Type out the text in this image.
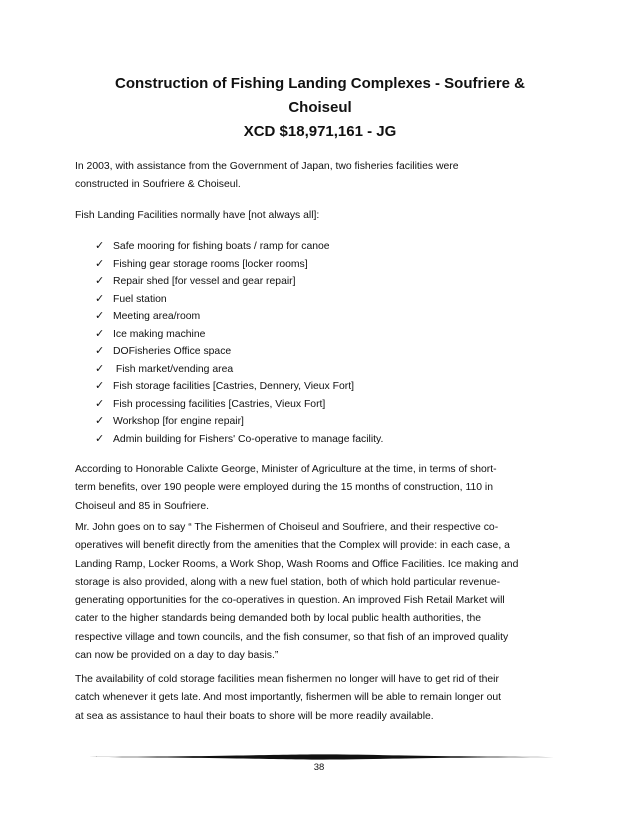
Construction of Fishing Landing Complexes - Soufriere &
Choiseul
XCD $18,971,161 - JG
In 2003, with assistance from the Government of Japan, two fisheries facilities were
constructed in Soufriere & Choiseul.
Fish Landing Facilities normally have [not always all]:
✓ Safe mooring for fishing boats / ramp for canoe
✓ Fishing gear storage rooms [locker rooms]
✓ Repair shed [for vessel and gear repair]
✓ Fuel station
✓ Meeting area/room
✓ Ice making machine
✓ DOFisheries Office space
✓ Fish market/vending area
✓ Fish storage facilities [Castries, Dennery, Vieux Fort]
✓ Fish processing facilities [Castries, Vieux Fort]
✓ Workshop [for engine repair]
✓ Admin building for Fishers' Co-operative to manage facility.
According to Honorable Calixte George, Minister of Agriculture at the time, in terms of short-
term benefits, over 190 people were employed during the 15 months of construction, 110 in
Choiseul and 85 in Soufriere.
Mr. John goes on to say “ The Fishermen of Choiseul and Soufriere, and their respective co-
operatives will benefit directly from the amenities that the Complex will provide: in each case, a
Landing Ramp, Locker Rooms, a Work Shop, Wash Rooms and Office Facilities. Ice making and
storage is also provided, along with a new fuel station, both of which hold particular revenue-
generating opportunities for the co-operatives in question. An improved Fish Retail Market will
cater to the higher standards being demanded both by local public health authorities, the
respective village and town councils, and the fish consumer, so that fish of an improved quality
can now be provided on a day to day basis.”
The availability of cold storage facilities mean fishermen no longer will have to get rid of their
catch whenever it gets late. And most importantly, fishermen will be able to remain longer out
at sea as assistance to haul their boats to shore will be more readily available.
38
